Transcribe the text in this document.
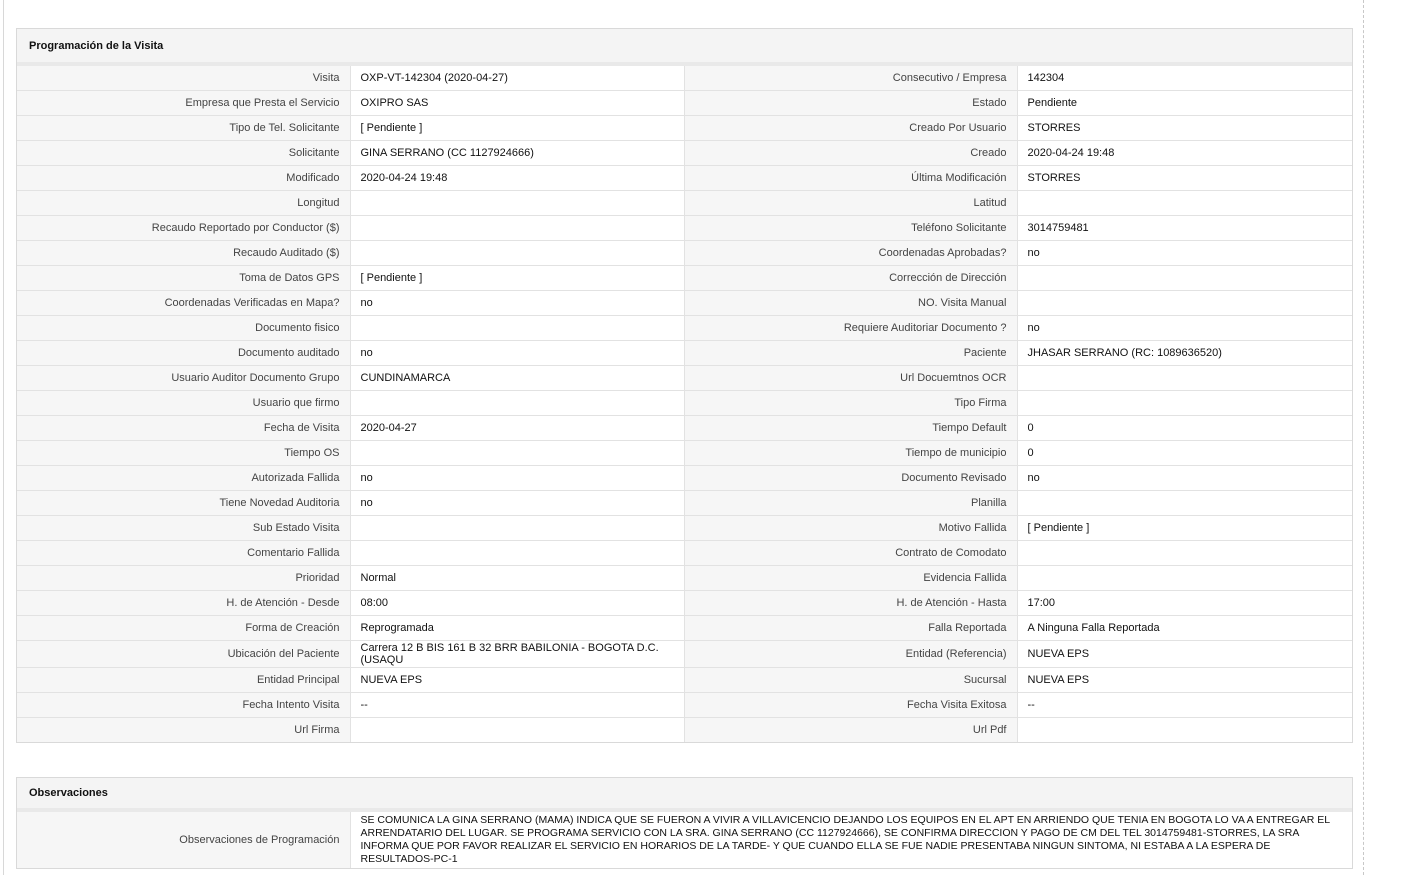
Programación de la Visita
Visita	OXP-VT-142304 (2020-04-27)	Consecutivo / Empresa	142304
Empresa que Presta el Servicio	OXIPRO SAS	Estado	Pendiente
Tipo de Tel. Solicitante	[ Pendiente ]	Creado Por Usuario	STORRES
Solicitante	GINA SERRANO (CC 1127924666)	Creado	2020-04-24 19:48
Modificado	2020-04-24 19:48	Última Modificación	STORRES
Longitud		Latitud	
Recaudo Reportado por Conductor ($)		Teléfono Solicitante	3014759481
Recaudo Auditado ($)		Coordenadas Aprobadas?	no
Toma de Datos GPS	[ Pendiente ]	Corrección de Dirección	
Coordenadas Verificadas en Mapa?	no	NO. Visita Manual	
Documento fisico		Requiere Auditoriar Documento ?	no
Documento auditado	no	Paciente	JHASAR SERRANO (RC: 1089636520)
Usuario Auditor Documento Grupo	CUNDINAMARCA	Url Docuemtnos OCR	
Usuario que firmo		Tipo Firma	
Fecha de Visita	2020-04-27	Tiempo Default	0
Tiempo OS		Tiempo de municipio	0
Autorizada Fallida	no	Documento Revisado	no
Tiene Novedad Auditoria	no	Planilla	
Sub Estado Visita		Motivo Fallida	[ Pendiente ]
Comentario Fallida		Contrato de Comodato	
Prioridad	Normal	Evidencia Fallida	
H. de Atención - Desde	08:00	H. de Atención - Hasta	17:00
Forma de Creación	Reprogramada	Falla Reportada	A Ninguna Falla Reportada
Ubicación del Paciente	Carrera 12 B BIS 161 B 32 BRR BABILONIA - BOGOTA D.C. (USAQU	Entidad (Referencia)	NUEVA EPS
Entidad Principal	NUEVA EPS	Sucursal	NUEVA EPS
Fecha Intento Visita	--	Fecha Visita Exitosa	--
Url Firma		Url Pdf	
Observaciones
Observaciones de Programación	SE COMUNICA LA GINA SERRANO (MAMA) INDICA QUE SE FUERON A VIVIR A VILLAVICENCIO DEJANDO LOS EQUIPOS EN EL APT EN ARRIENDO QUE TENIA EN BOGOTA LO VA A ENTREGAR EL ARRENDATARIO DEL LUGAR. SE PROGRAMA SERVICIO CON LA SRA. GINA SERRANO (CC 1127924666), SE CONFIRMA DIRECCION Y PAGO DE CM DEL TEL 3014759481-STORRES, LA SRA INFORMA QUE POR FAVOR REALIZAR EL SERVICIO EN HORARIOS DE LA TARDE- Y QUE CUANDO ELLA SE FUE NADIE PRESENTABA NINGUN SINTOMA, NI ESTABA A LA ESPERA DE RESULTADOS-PC-1
